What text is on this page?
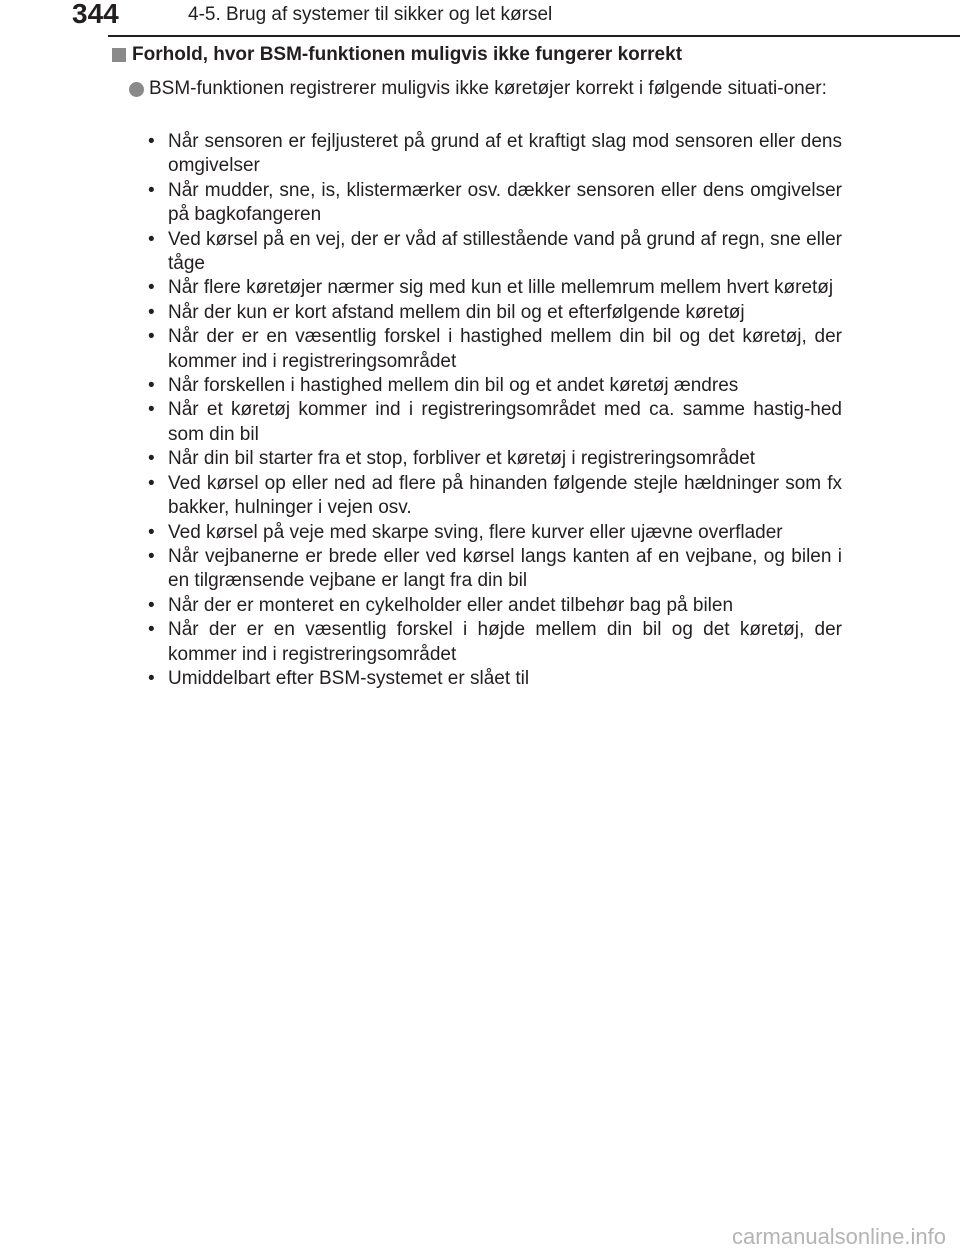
344	4-5. Brug af systemer til sikker og let kørsel
Forhold, hvor BSM-funktionen muligvis ikke fungerer korrekt
BSM-funktionen registrerer muligvis ikke køretøjer korrekt i følgende situati-oner:
• Når sensoren er fejljusteret på grund af et kraftigt slag mod sensoren eller dens omgivelser
• Når mudder, sne, is, klistermærker osv. dækker sensoren eller dens omgivelser på bagkofangeren
• Ved kørsel på en vej, der er våd af stillestående vand på grund af regn, sne eller tåge
• Når flere køretøjer nærmer sig med kun et lille mellemrum mellem hvert køretøj
• Når der kun er kort afstand mellem din bil og et efterfølgende køretøj
• Når der er en væsentlig forskel i hastighed mellem din bil og det køretøj, der kommer ind i registreringsområdet
• Når forskellen i hastighed mellem din bil og et andet køretøj ændres
• Når et køretøj kommer ind i registreringsområdet med ca. samme hastig-hed som din bil
• Når din bil starter fra et stop, forbliver et køretøj i registreringsområdet
• Ved kørsel op eller ned ad flere på hinanden følgende stejle hældninger som fx bakker, hulninger i vejen osv.
• Ved kørsel på veje med skarpe sving, flere kurver eller ujævne overflader
• Når vejbanerne er brede eller ved kørsel langs kanten af en vejbane, og bilen i en tilgrænsende vejbane er langt fra din bil
• Når der er monteret en cykelholder eller andet tilbehør bag på bilen
• Når der er en væsentlig forskel i højde mellem din bil og det køretøj, der kommer ind i registreringsområdet
• Umiddelbart efter BSM-systemet er slået til
carmanualsonline.info
